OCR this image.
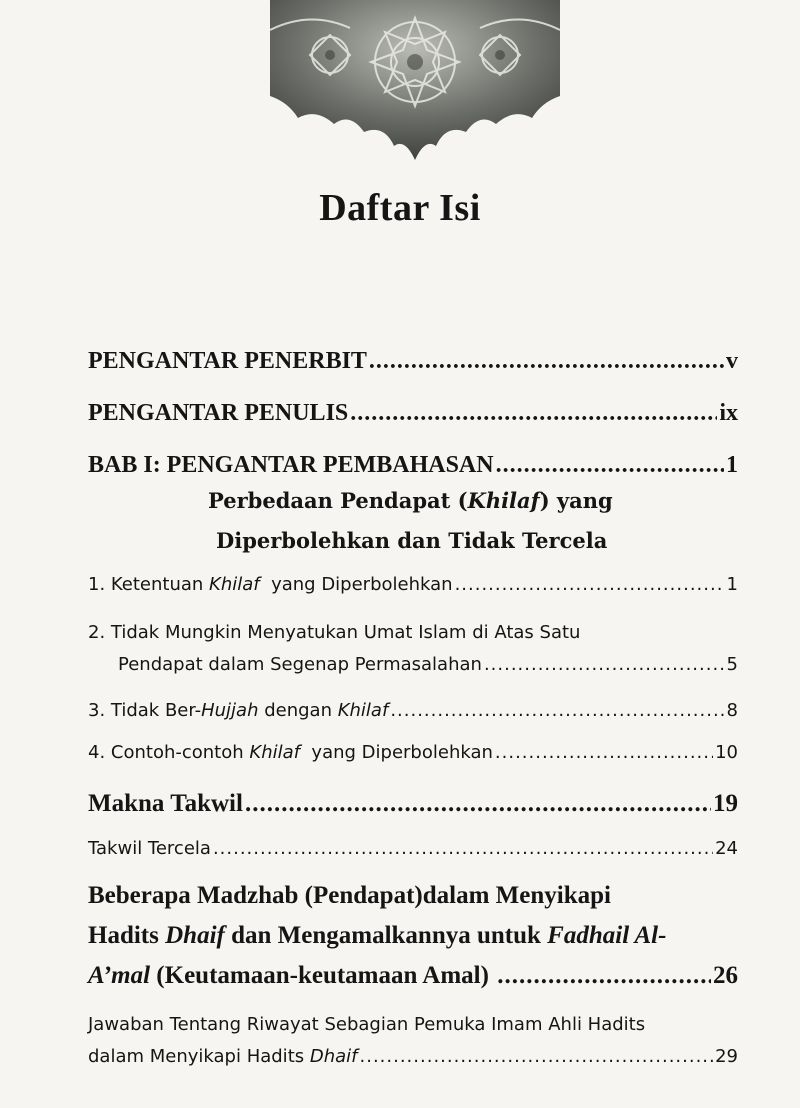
Daftar Isi
PENGANTAR PENERBIT .....	v
PENGANTAR PENULIS .....	ix
BAB I: PENGANTAR PEMBAHASAN .....	1
Perbedaan Pendapat (Khilaf) yang
Diperbolehkan dan Tidak Tercela
1. Ketentuan Khilaf  yang Diperbolehkan .....	1
2. Tidak Mungkin Menyatukan Umat Islam di Atas Satu
Pendapat dalam Segenap Permasalahan .....	5
3. Tidak Ber-Hujjah dengan Khilaf .....	8
4. Contoh-contoh Khilaf  yang Diperbolehkan .....	10
Makna Takwil .....	19
Takwil Tercela .....	24
Beberapa Madzhab (Pendapat)dalam Menyikapi
Hadits Dhaif dan Mengamalkannya untuk Fadhail Al-
A’mal (Keutamaan-keutamaan Amal) .....	26
Jawaban Tentang Riwayat Sebagian Pemuka Imam Ahli Hadits
dalam Menyikapi Hadits Dhaif .....	29
